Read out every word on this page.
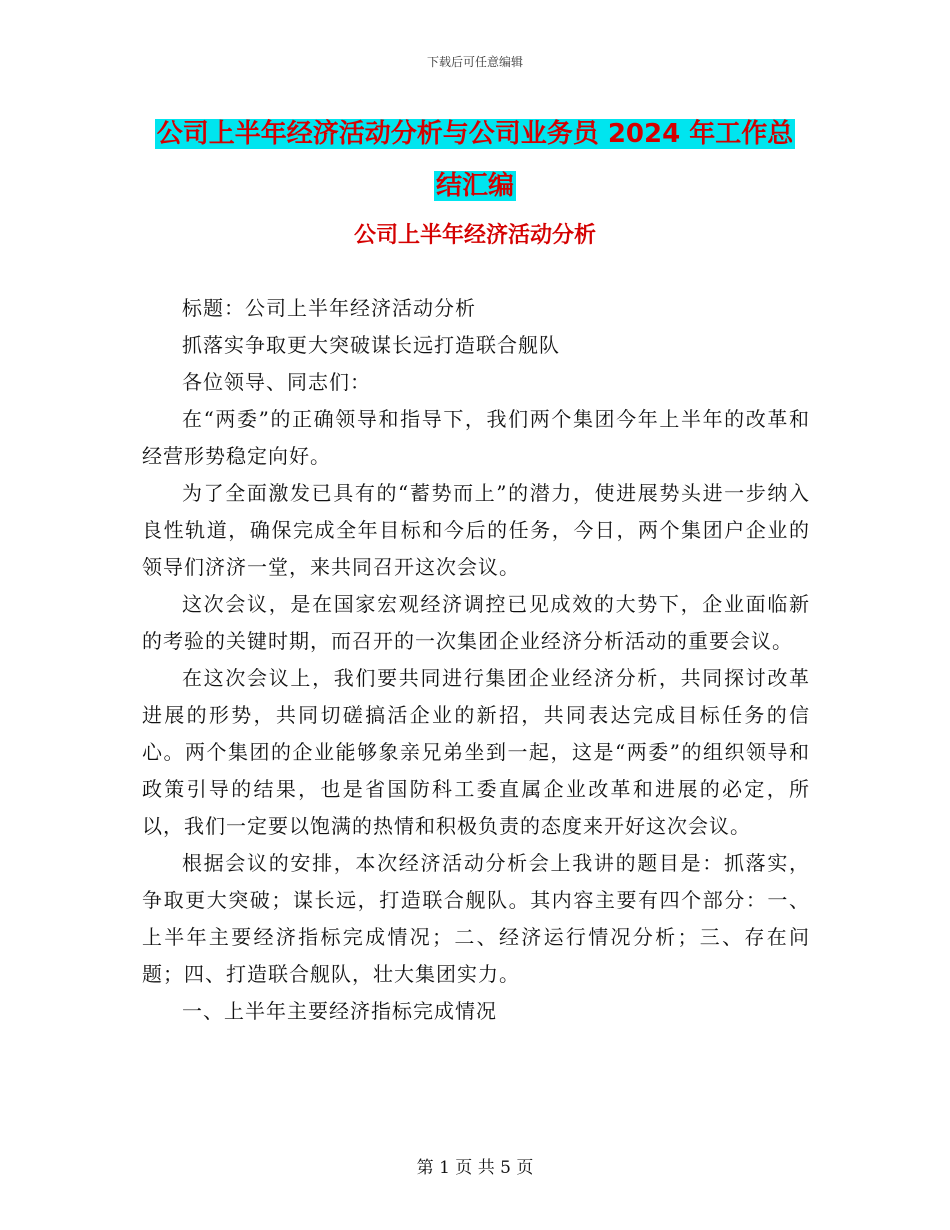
下载后可任意编辑
公司上半年经济活动分析与公司业务员 2024 年工作总
结汇编
公司上半年经济活动分析

标题：公司上半年经济活动分析

抓落实争取更大突破谋长远打造联合舰队

各位领导、同志们：

在“两委”的正确领导和指导下，我们两个集团今年上半年的改革和经营形势稳定向好。

为了全面激发已具有的“蓄势而上”的潜力，使进展势头进一步纳入良性轨道，确保完成全年目标和今后的任务，今日，两个集团户企业的领导们济济一堂，来共同召开这次会议。

这次会议，是在国家宏观经济调控已见成效的大势下，企业面临新的考验的关键时期，而召开的一次集团企业经济分析活动的重要会议。

在这次会议上，我们要共同进行集团企业经济分析，共同探讨改革进展的形势，共同切磋搞活企业的新招，共同表达完成目标任务的信心。两个集团的企业能够象亲兄弟坐到一起，这是“两委”的组织领导和政策引导的结果，也是省国防科工委直属企业改革和进展的必定，所以，我们一定要以饱满的热情和积极负责的态度来开好这次会议。

根据会议的安排，本次经济活动分析会上我讲的题目是：抓落实，争取更大突破；谋长远，打造联合舰队。其内容主要有四个部分：一、上半年主要经济指标完成情况；二、经济运行情况分析；三、存在问题；四、打造联合舰队，壮大集团实力。

一、上半年主要经济指标完成情况

第 1 页 共 5 页
